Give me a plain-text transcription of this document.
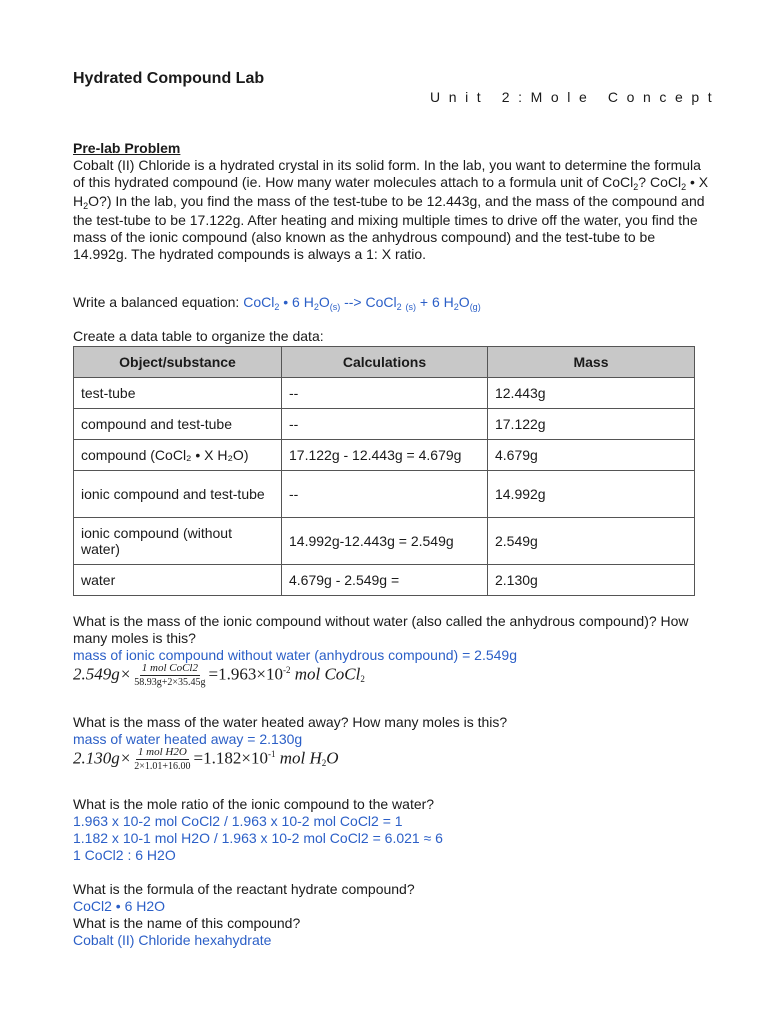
Hydrated Compound Lab
Unit 2:Mole Concept
Pre-lab Problem
Cobalt (II) Chloride is a hydrated crystal in its solid form. In the lab, you want to determine the formula of this hydrated compound (ie. How many water molecules attach to a formula unit of CoCl$_2$? CoCl$_2$ • X $H_2O$?) In the lab, you find the mass of the test-tube to be 12.443g, and the mass of the compound and the test-tube to be 17.122g. After heating and mixing multiple times to drive off the water, you find the mass of the ionic compound (also known as the anhydrous compound) and the test-tube to be 14.992g. The hydrated compounds is always a 1: X ratio.
Write a balanced equation: CoCl$_2$ • 6 $H_2O_{(s)}$ --> CoCl$_2$ $_{(s)}$ + 6 $H_2O_{(g)}$
Create a data table to organize the data:
Object/substance	Calculations	Mass
test-tube	--	12.443g
compound and test-tube	--	17.122g
compound (CoCl₂ • X H₂O)	17.122g - 12.443g = 4.679g	4.679g
ionic compound and test-tube	--	14.992g
ionic compound (without water)	14.992g-12.443g = 2.549g	2.549g
water	4.679g - 2.549g =	2.130g
What is the mass of the ionic compound without water (also called the anhydrous compound)? How many moles is this?
mass of ionic compound without water (anhydrous compound) = 2.549g
$2.549g\times \frac{\text{1 mol CoCl2}}{58.93g+2\times 35.45g} =1.963\times 10^{-2}$ mol CoCl2
What is the mass of the water heated away? How many moles is this?
mass of water heated away = 2.130g
$2.130g\times \frac{\text{1 mol H2O}}{2\times 1.01+16.00} =1.182\times 10^{-1}$ mol H2O
What is the mole ratio of the ionic compound to the water?
1.963 x 10-2 mol CoCl2 / 1.963 x 10-2 mol CoCl2 = 1
1.182 x 10-1 mol H2O / 1.963 x 10-2 mol CoCl2 = 6.021 ≈ 6
1 CoCl2 : 6 H2O
What is the formula of the reactant hydrate compound?
CoCl2 • 6 H2O
What is the name of this compound?
Cobalt (II) Chloride hexahydrate
